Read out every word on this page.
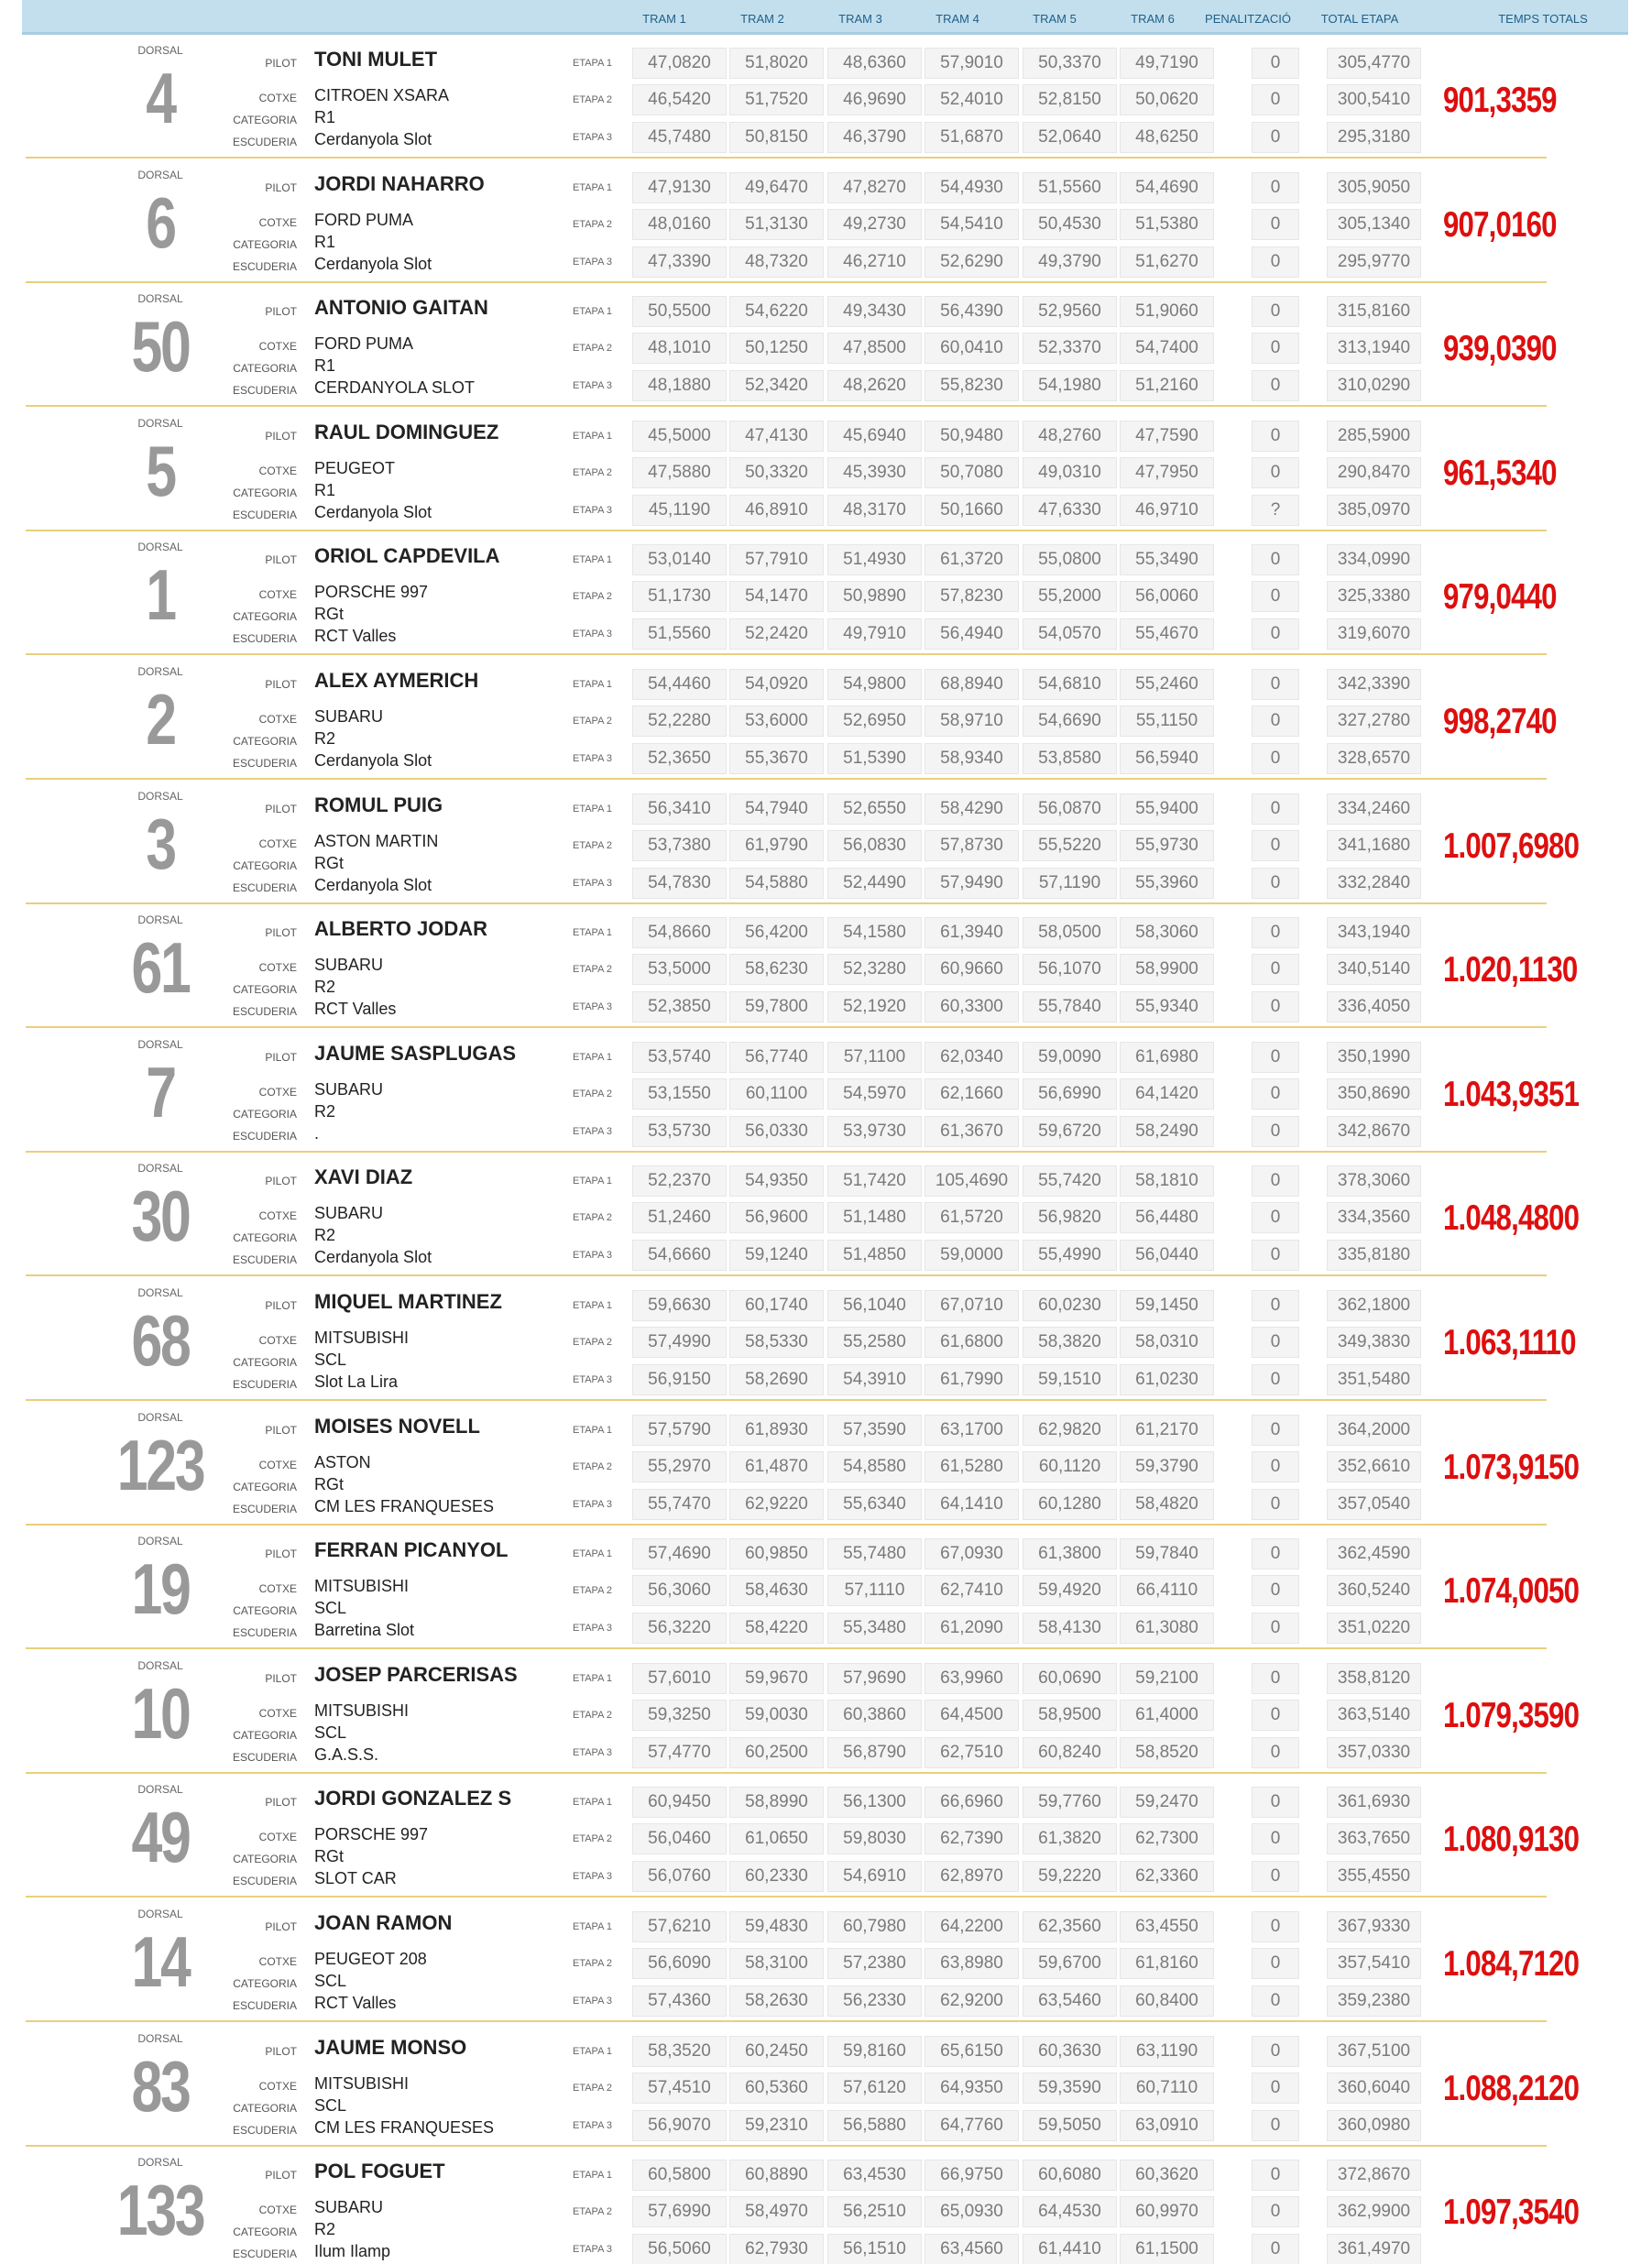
TRAM 1	TRAM 2	TRAM 3	TRAM 4	TRAM 5	TRAM 6	PENALITZACIÓ	TOTAL ETAPA	TEMPS TOTALS
DORSAL
4	PILOT TONI MULET
COTXE CITROEN XSARA
CATEGORIA R1
ESCUDERIA Cerdanyola Slot
ETAPA 1	47,0820	51,8020	48,6360	57,9010	50,3370	49,7190	0	305,4770
ETAPA 2	46,5420	51,7520	46,9690	52,4010	52,8150	50,0620	0	300,5410
ETAPA 3	45,7480	50,8150	46,3790	51,6870	52,0640	48,6250	0	295,3180
901,3359
DORSAL
6	PILOT JORDI NAHARRO
COTXE FORD PUMA
CATEGORIA R1
ESCUDERIA Cerdanyola Slot
ETAPA 1	47,9130	49,6470	47,8270	54,4930	51,5560	54,4690	0	305,9050
ETAPA 2	48,0160	51,3130	49,2730	54,5410	50,4530	51,5380	0	305,1340
ETAPA 3	47,3390	48,7320	46,2710	52,6290	49,3790	51,6270	0	295,9770
907,0160
DORSAL
50	PILOT ANTONIO GAITAN
COTXE FORD PUMA
CATEGORIA R1
ESCUDERIA CERDANYOLA SLOT
ETAPA 1	50,5500	54,6220	49,3430	56,4390	52,9560	51,9060	0	315,8160
ETAPA 2	48,1010	50,1250	47,8500	60,0410	52,3370	54,7400	0	313,1940
ETAPA 3	48,1880	52,3420	48,2620	55,8230	54,1980	51,2160	0	310,0290
939,0390
DORSAL
5	PILOT RAUL DOMINGUEZ
COTXE PEUGEOT
CATEGORIA R1
ESCUDERIA Cerdanyola Slot
ETAPA 1	45,5000	47,4130	45,6940	50,9480	48,2760	47,7590	0	285,5900
ETAPA 2	47,5880	50,3320	45,3930	50,7080	49,0310	47,7950	0	290,8470
ETAPA 3	45,1190	46,8910	48,3170	50,1660	47,6330	46,9710	?	385,0970
961,5340
DORSAL
1	PILOT ORIOL CAPDEVILA
COTXE PORSCHE 997
CATEGORIA RGt
ESCUDERIA RCT Valles
ETAPA 1	53,0140	57,7910	51,4930	61,3720	55,0800	55,3490	0	334,0990
ETAPA 2	51,1730	54,1470	50,9890	57,8230	55,2000	56,0060	0	325,3380
ETAPA 3	51,5560	52,2420	49,7910	56,4940	54,0570	55,4670	0	319,6070
979,0440
DORSAL
2	PILOT ALEX AYMERICH
COTXE SUBARU
CATEGORIA R2
ESCUDERIA Cerdanyola Slot
ETAPA 1	54,4460	54,0920	54,9800	68,8940	54,6810	55,2460	0	342,3390
ETAPA 2	52,2280	53,6000	52,6950	58,9710	54,6690	55,1150	0	327,2780
ETAPA 3	52,3650	55,3670	51,5390	58,9340	53,8580	56,5940	0	328,6570
998,2740
DORSAL
3	PILOT ROMUL PUIG
COTXE ASTON MARTIN
CATEGORIA RGt
ESCUDERIA Cerdanyola Slot
ETAPA 1	56,3410	54,7940	52,6550	58,4290	56,0870	55,9400	0	334,2460
ETAPA 2	53,7380	61,9790	56,0830	57,8730	55,5220	55,9730	0	341,1680
ETAPA 3	54,7830	54,5880	52,4490	57,9490	57,1190	55,3960	0	332,2840
1.007,6980
DORSAL
61	PILOT ALBERTO JODAR
COTXE SUBARU
CATEGORIA R2
ESCUDERIA RCT Valles
ETAPA 1	54,8660	56,4200	54,1580	61,3940	58,0500	58,3060	0	343,1940
ETAPA 2	53,5000	58,6230	52,3280	60,9660	56,1070	58,9900	0	340,5140
ETAPA 3	52,3850	59,7800	52,1920	60,3300	55,7840	55,9340	0	336,4050
1.020,1130
DORSAL
7	PILOT JAUME SASPLUGAS
COTXE SUBARU
CATEGORIA R2
ESCUDERIA .
ETAPA 1	53,5740	56,7740	57,1100	62,0340	59,0090	61,6980	0	350,1990
ETAPA 2	53,1550	60,1100	54,5970	62,1660	56,6990	64,1420	0	350,8690
ETAPA 3	53,5730	56,0330	53,9730	61,3670	59,6720	58,2490	0	342,8670
1.043,9351
DORSAL
30	PILOT XAVI DIAZ
COTXE SUBARU
CATEGORIA R2
ESCUDERIA Cerdanyola Slot
ETAPA 1	52,2370	54,9350	51,7420	105,4690	55,7420	58,1810	0	378,3060
ETAPA 2	51,2460	56,9600	51,1480	61,5720	56,9820	56,4480	0	334,3560
ETAPA 3	54,6660	59,1240	51,4850	59,0000	55,4990	56,0440	0	335,8180
1.048,4800
DORSAL
68	PILOT MIQUEL MARTINEZ
COTXE MITSUBISHI
CATEGORIA SCL
ESCUDERIA Slot La Lira
ETAPA 1	59,6630	60,1740	56,1040	67,0710	60,0230	59,1450	0	362,1800
ETAPA 2	57,4990	58,5330	55,2580	61,6800	58,3820	58,0310	0	349,3830
ETAPA 3	56,9150	58,2690	54,3910	61,7990	59,1510	61,0230	0	351,5480
1.063,1110
DORSAL
123	PILOT MOISES NOVELL
COTXE ASTON
CATEGORIA RGt
ESCUDERIA CM LES FRANQUESES
ETAPA 1	57,5790	61,8930	57,3590	63,1700	62,9820	61,2170	0	364,2000
ETAPA 2	55,2970	61,4870	54,8580	61,5280	60,1120	59,3790	0	352,6610
ETAPA 3	55,7470	62,9220	55,6340	64,1410	60,1280	58,4820	0	357,0540
1.073,9150
DORSAL
19	PILOT FERRAN PICANYOL
COTXE MITSUBISHI
CATEGORIA SCL
ESCUDERIA Barretina Slot
ETAPA 1	57,4690	60,9850	55,7480	67,0930	61,3800	59,7840	0	362,4590
ETAPA 2	56,3060	58,4630	57,1110	62,7410	59,4920	66,4110	0	360,5240
ETAPA 3	56,3220	58,4220	55,3480	61,2090	58,4130	61,3080	0	351,0220
1.074,0050
DORSAL
10	PILOT JOSEP PARCERISAS
COTXE MITSUBISHI
CATEGORIA SCL
ESCUDERIA G.A.S.S.
ETAPA 1	57,6010	59,9670	57,9690	63,9960	60,0690	59,2100	0	358,8120
ETAPA 2	59,3250	59,0030	60,3860	64,4500	58,9500	61,4000	0	363,5140
ETAPA 3	57,4770	60,2500	56,8790	62,7510	60,8240	58,8520	0	357,0330
1.079,3590
DORSAL
49	PILOT JORDI GONZALEZ S
COTXE PORSCHE 997
CATEGORIA RGt
ESCUDERIA SLOT CAR
ETAPA 1	60,9450	58,8990	56,1300	66,6960	59,7760	59,2470	0	361,6930
ETAPA 2	56,0460	61,0650	59,8030	62,7390	61,3820	62,7300	0	363,7650
ETAPA 3	56,0760	60,2330	54,6910	62,8970	59,2220	62,3360	0	355,4550
1.080,9130
DORSAL
14	PILOT JOAN RAMON
COTXE PEUGEOT 208
CATEGORIA SCL
ESCUDERIA RCT Valles
ETAPA 1	57,6210	59,4830	60,7980	64,2200	62,3560	63,4550	0	367,9330
ETAPA 2	56,6090	58,3100	57,2380	63,8980	59,6700	61,8160	0	357,5410
ETAPA 3	57,4360	58,2630	56,2330	62,9200	63,5460	60,8400	0	359,2380
1.084,7120
DORSAL
83	PILOT JAUME MONSO
COTXE MITSUBISHI
CATEGORIA SCL
ESCUDERIA CM LES FRANQUESES
ETAPA 1	58,3520	60,2450	59,8160	65,6150	60,3630	63,1190	0	367,5100
ETAPA 2	57,4510	60,5360	57,6120	64,9350	59,3590	60,7110	0	360,6040
ETAPA 3	56,9070	59,2310	56,5880	64,7760	59,5050	63,0910	0	360,0980
1.088,2120
DORSAL
133	PILOT POL FOGUET
COTXE SUBARU
CATEGORIA R2
ESCUDERIA Ilum Ilamp
ETAPA 1	60,5800	60,8890	63,4530	66,9750	60,6080	60,3620	0	372,8670
ETAPA 2	57,6990	58,4970	56,2510	65,0930	64,4530	60,9970	0	362,9900
ETAPA 3	56,5060	62,7930	56,1510	63,4560	61,4410	61,1500	0	361,4970
1.097,3540
